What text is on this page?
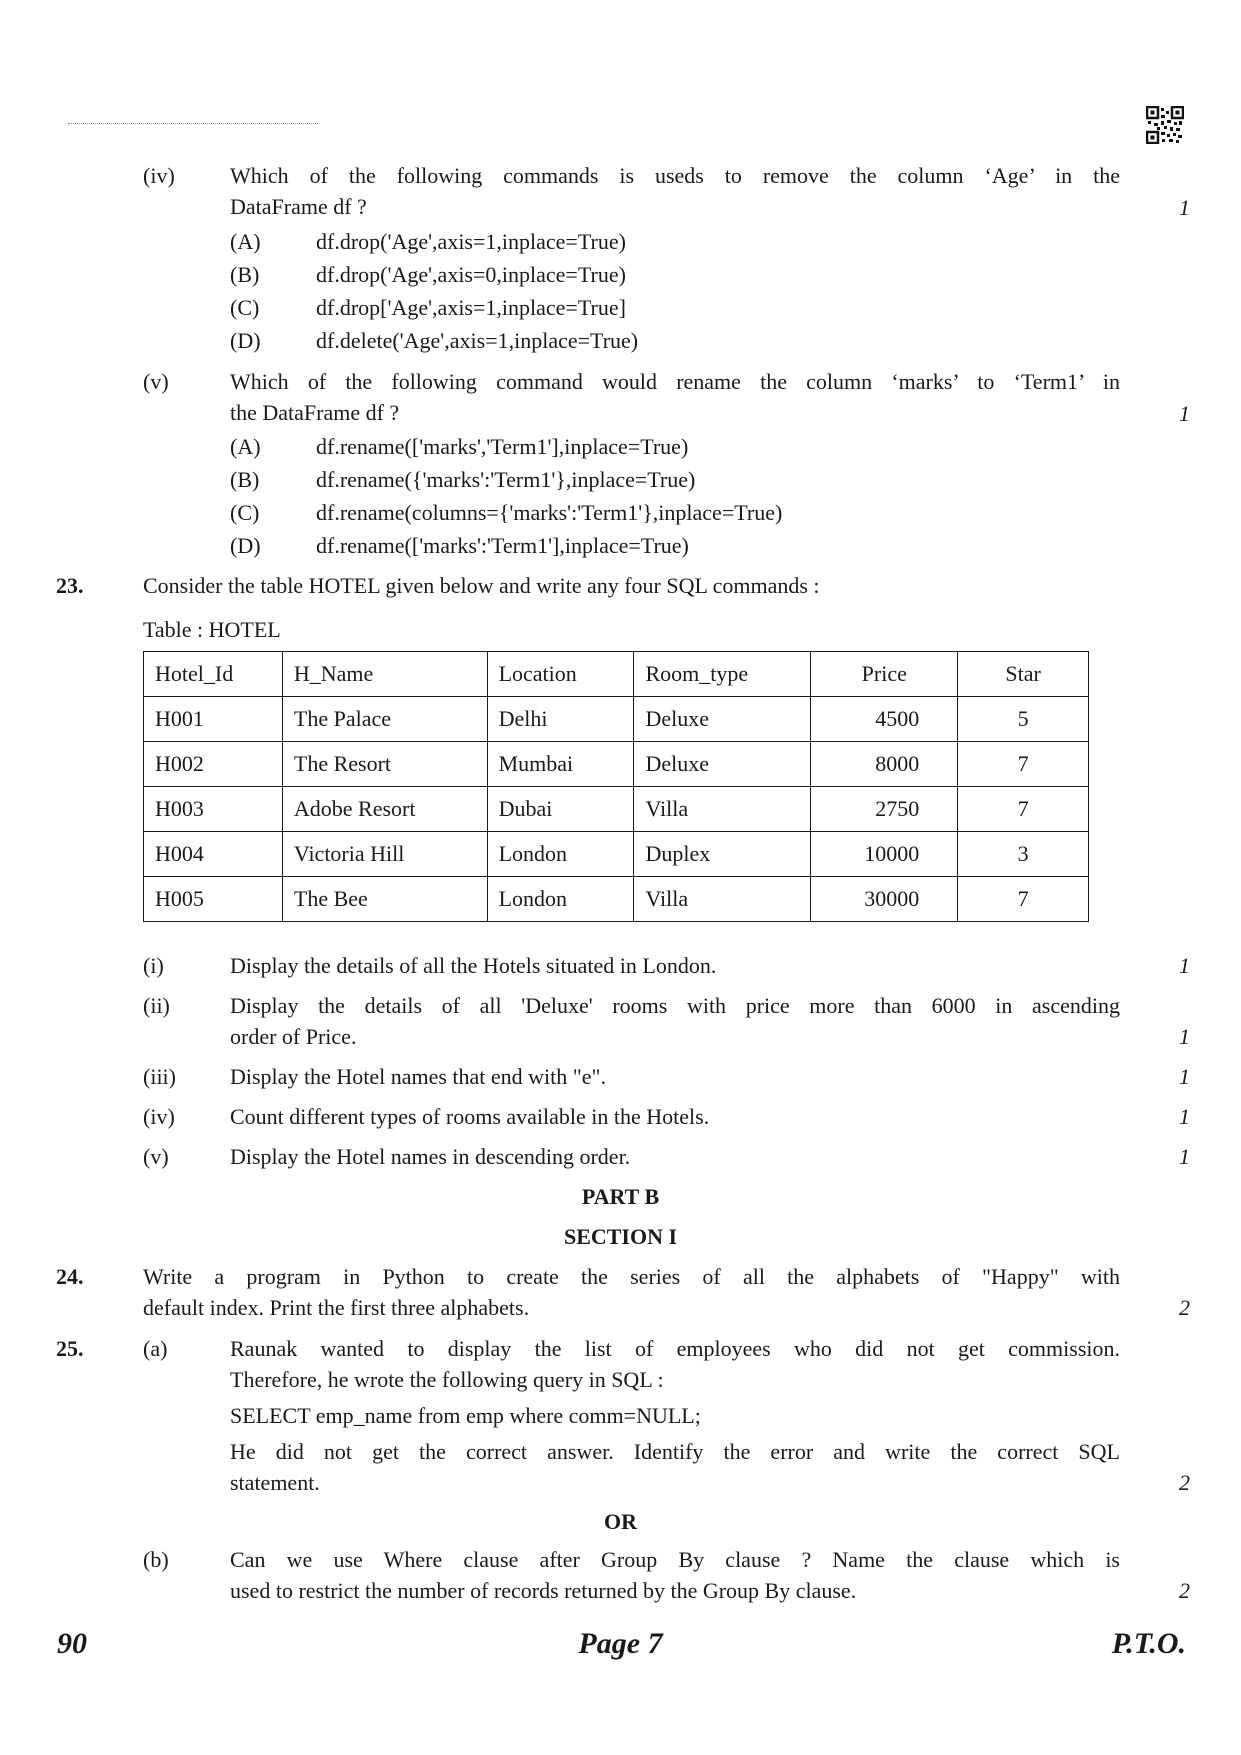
(iv)	Which of the following commands is useds to remove the column ‘Age’ in the
DataFrame df ?	1
(A)	df.drop('Age',axis=1,inplace=True)
(B)	df.drop('Age',axis=0,inplace=True)
(C)	df.drop['Age',axis=1,inplace=True]
(D)	df.delete('Age',axis=1,inplace=True)
(v)	Which of the following command would rename the column ‘marks’ to ‘Term1’ in
the DataFrame df ?	1
(A)	df.rename(['marks','Term1'],inplace=True)
(B)	df.rename({'marks':'Term1'},inplace=True)
(C)	df.rename(columns={'marks':'Term1'},inplace=True)
(D)	df.rename(['marks':'Term1'],inplace=True)
23.	Consider the table HOTEL given below and write any four SQL commands :
Table : HOTEL
Hotel_Id	H_Name	Location	Room_type	Price	Star
H001	The Palace	Delhi	Deluxe	4500	5
H002	The Resort	Mumbai	Deluxe	8000	7
H003	Adobe Resort	Dubai	Villa	2750	7
H004	Victoria Hill	London	Duplex	10000	3
H005	The Bee	London	Villa	30000	7
(i)	Display the details of all the Hotels situated in London.	1
(ii)	Display the details of all 'Deluxe' rooms with price more than 6000 in ascending
order of Price.	1
(iii) Display the Hotel names that end with "e".	1
(iv)	Count different types of rooms available in the Hotels.	1
(v)	Display the Hotel names in descending order.	1
PART B
SECTION I
24.	Write a program in Python to create the series of all the alphabets of "Happy" with
default index. Print the first three alphabets.	2
25.	(a)	Raunak wanted to display the list of employees who did not get commission.
Therefore, he wrote the following query in SQL :
SELECT emp_name from emp where comm=NULL;
He did not get the correct answer. Identify the error and write the correct SQL
statement.	2
OR
(b)	Can we use Where clause after Group By clause ? Name the clause which is
used to restrict the number of records returned by the Group By clause.	2
90	Page 7	P.T.O.
